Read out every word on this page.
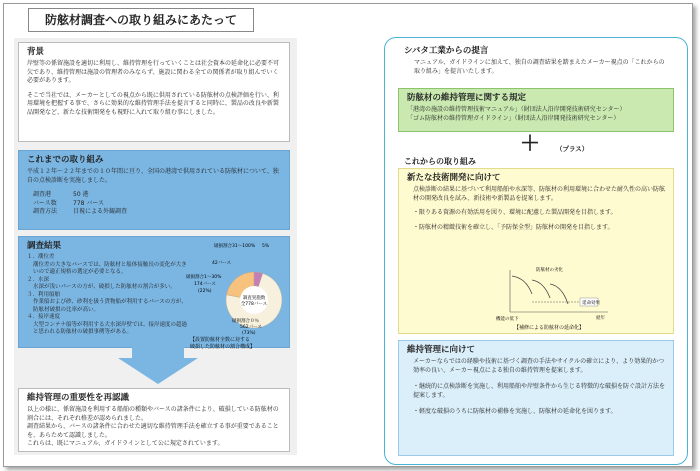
防舷材調査への取り組みにあたって
背景

岸壁等の係留施設を適切に利用し、維持管理を行っていくことは社会資本の延命化に必要不可欠であり、維持管理は施設の管理者のみならず、施設に関わる全ての関係者が取り組んでいく必要があります。

そこで当社では、メーカーとしての視点から既に供用されている防舷材の点検評価を行い、利用環境を把握する事で、さらに効果的な維持管理手法を提言すると同時に、製品の改良や新製品開発など、新たな技術開発をも視野に入れて取り組む事にしました。

これまでの取り組み

平成１２年～２２年までの１０年間に亘り、全国の港湾で供用されている防舷材について、独自の点検診断を実施しました。

調査港	50 港
バース数	778 バース
調査方法	目視による外観調査
調査結果
１．潮位差
潮位差の大きなバースでは、防舷材と船体接触長の変化が大きいので適正規格の選定が必要となる。
２．水深
水深が浅いバースの方が、破損した防舷材の割合が多い。
３．利用船舶
作業船および砂、砂利を扱う貨物船が利用するバースの方が、防舷材破損の比率が高い。
４．接岸速度
大型コンテナ船等が利用する大水深岸壁では、接岸速度の超過と思われる防舷材の破損事例等がある。
調査実施数
全778バース
破損割合31～100% 5%
42バース
破損割合1～30%
174バース
(22%)
破損割合０％
562バース
(73%)
【設置防舷材全数に対する
破損した防舷材の割合構成】
維持管理の重要性を再認識

以上の様に、係留施設を利用する船舶の種類やバースの諸条件により、破損している防舷材の割合には、それぞれ格差が認められました。

調査結果から、バースの諸条件に合わせた適切な維持管理手法を確立する事が重要であることを、あらためて認識しました。

これらは、既にマニュアル、ガイドラインとして公に規定されています。

シバタ工業からの提言

マニュアル、ガイドラインに加えて、独自の調査結果を踏まえたメーカー視点の「これからの取り組み」を提言いたします。

防舷材の維持管理に関する規定

「港湾の施設の維持管理技術マニュアル」（財団法人沿岸開発技術研究センター）

「ゴム防舷材の維持管理ガイドライン」（財団法人沿岸開発技術研究センター）

＋ （プラス）
これからの取り組み
新たな技術開発に向けて

点検診断の結果に基づいて利用船舶や水深等、防舷材の利用環境に合わせた耐久性の高い防舷材の開発改良を試み、新技術や新製品を提案します。

・限りある資源の有効活用を図り、環境に配慮した製品開発を目指します。

・防舷材の精緻技術を確立し、「予防保全型」防舷材の開発を目指します。

延命効果
防舷材の劣化
経年
機能の低下
【補修による防舷材の延命化】
維持管理に向けて

メーカーならではの経験や技術に基づく調査の手法やサイクルの確立により、より効果的かつ効率の良い、メーカー視点による独自の維持管理を提案します。

・継続的に点検診断を実施し、利用船舶や岸壁条件から生じる特徴的な破損を防ぐ設計方法を提案します。

・軽度な破損のうちに防舷材の補修を実施し、防舷材の延命化を図ります。
